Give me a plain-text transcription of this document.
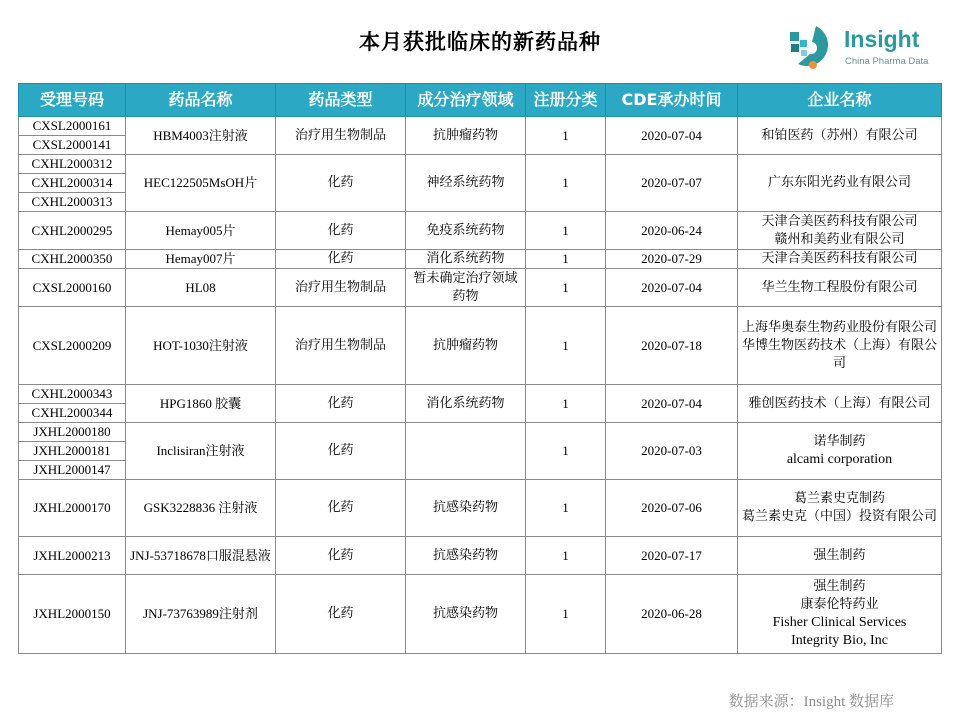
本月获批临床的新药品种	Insight
China Pharma Data
受理号码	药品名称	药品类型	成分治疗领域	注册分类	CDE承办时间	企业名称
CXSL2000161	HBM4003注射液	治疗用生物制品	抗肿瘤药物	1	2020-07-04	和铂医药（苏州）有限公司

CXSL2000141						
CXHL2000312	HEC122505MsOH片	化药	神经系统药物	1	2020-07-07	广东东阳光药业有限公司

CXHL2000314						
CXHL2000313						
CXHL2000295	Hemay005片	化药	免疫系统药物	1	2020-06-24	天津合美医药科技有限公司
赣州和美药业有限公司

CXHL2000350	Hemay007片	化药	消化系统药物	1	2020-07-29	天津合美医药科技有限公司

CXSL2000160	HL08	治疗用生物制品	暂未确定治疗领域药物	1	2020-07-04	华兰生物工程股份有限公司

CXSL2000209	HOT-1030注射液	治疗用生物制品	抗肿瘤药物	1	2020-07-18	上海华奥泰生物药业股份有限公司
华博生物医药技术（上海）有限公司

CXHL2000343	HPG1860 胶囊	化药	消化系统药物	1	2020-07-04	雅创医药技术（上海）有限公司

CXHL2000344						
JXHL2000180	Inclisiran注射液	化药		1	2020-07-03	诺华制药
alcami corporation

JXHL2000181						
JXHL2000147						
JXHL2000170	GSK3228836 注射液	化药	抗感染药物	1	2020-07-06	葛兰素史克制药
葛兰素史克（中国）投资有限公司

JXHL2000213	JNJ-53718678口服混悬液	化药	抗感染药物	1	2020-07-17	强生制药

JXHL2000150	JNJ-73763989注射剂	化药	抗感染药物	1	2020-06-28	强生制药
康泰伦特药业
Fisher Clinical Services
Integrity Bio, Inc
数据来源：Insight 数据库
